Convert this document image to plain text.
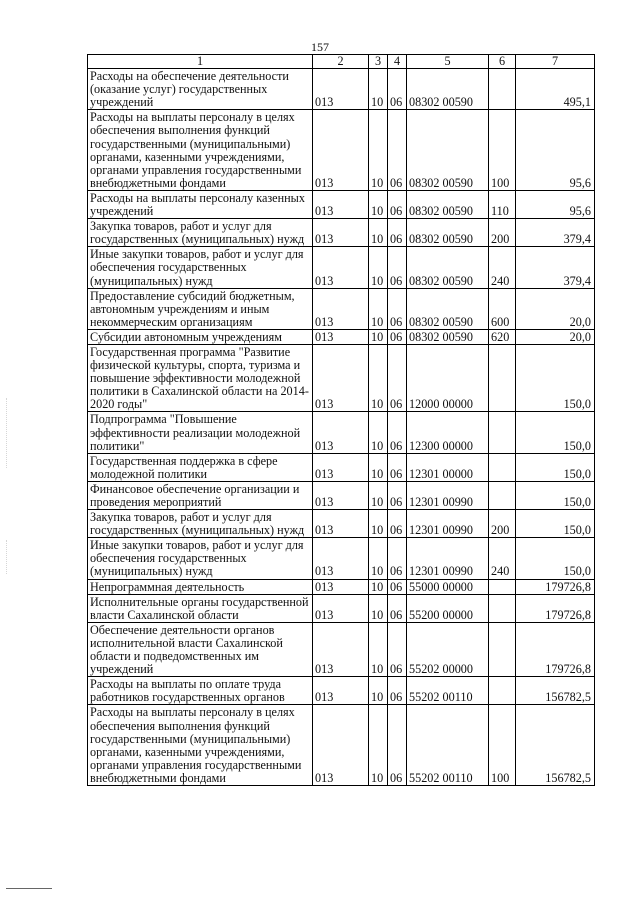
157
1	2	3	4	5	6	7
Расходы на обеспечение деятельности (оказание услуг) государственных учреждений	013	10	06	08302 00590		495,1
Расходы на выплаты персоналу в целях обеспечения выполнения функций государственными (муниципальными) органами, казенными учреждениями, органами управления государственными внебюджетными фондами	013	10	06	08302 00590	100	95,6
Расходы на выплаты персоналу казенных учреждений	013	10	06	08302 00590	110	95,6
Закупка товаров, работ и услуг для государственных (муниципальных) нужд	013	10	06	08302 00590	200	379,4
Иные закупки товаров, работ и услуг для обеспечения государственных (муниципальных) нужд	013	10	06	08302 00590	240	379,4
Предоставление субсидий бюджетным, автономным учреждениям и иным некоммерческим организациям	013	10	06	08302 00590	600	20,0
Субсидии автономным учреждениям	013	10	06	08302 00590	620	20,0
Государственная программа "Развитие физической культуры, спорта, туризма и повышение эффективности молодежной политики в Сахалинской области на 2014-2020 годы"	013	10	06	12000 00000		150,0
Подпрограмма "Повышение эффективности реализации молодежной политики"	013	10	06	12300 00000		150,0
Государственная поддержка в сфере молодежной политики	013	10	06	12301 00000		150,0
Финансовое обеспечение организации и проведения мероприятий	013	10	06	12301 00990		150,0
Закупка товаров, работ и услуг для государственных (муниципальных) нужд	013	10	06	12301 00990	200	150,0
Иные закупки товаров, работ и услуг для обеспечения государственных (муниципальных) нужд	013	10	06	12301 00990	240	150,0
Непрограммная деятельность	013	10	06	55000 00000		179726,8
Исполнительные органы государственной власти Сахалинской области	013	10	06	55200 00000		179726,8
Обеспечение деятельности органов исполнительной власти Сахалинской области и подведомственных им учреждений	013	10	06	55202 00000		179726,8
Расходы на выплаты по оплате труда работников государственных органов	013	10	06	55202 00110		156782,5
Расходы на выплаты персоналу в целях обеспечения выполнения функций государственными (муниципальными) органами, казенными учреждениями, органами управления государственными внебюджетными фондами	013	10	06	55202 00110	100	156782,5
